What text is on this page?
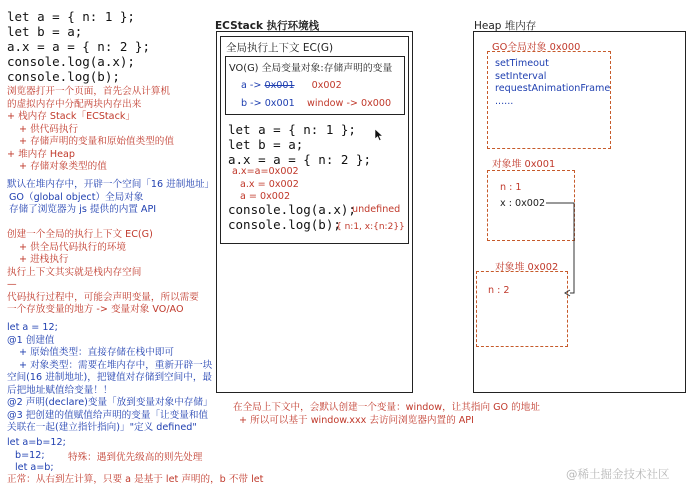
let a = { n: 1 };
let b = a;
a.x = a = { n: 2 };
console.log(a.x);
console.log(b);
浏览器打开一个页面，首先会从计算机
的虚拟内存中分配两块内存出来
+ 栈内存 Stack「ECStack」
+ 供代码执行
+ 存储声明的变量和原始值类型的值
+ 堆内存 Heap
+ 存储对象类型的值
默认在堆内存中，开辟一个空间「16 进制地址」
GO（global object）全局对象
存储了浏览器为 js 提供的内置 API
创建一个全局的执行上下文 EC(G)
+ 供全局代码执行的环境
+ 进栈执行
执行上下文其实就是栈内存空间
—
代码执行过程中，可能会声明变量，所以需要
一个存放变量的地方 -> 变量对象 VO/AO
let a = 12;
@1 创建值
+ 原始值类型：直接存储在栈中即可
+ 对象类型：需要在堆内存中，重新开辟一块
空间(16 进制地址)，把键值对存储到空间中，最
后把地址赋值给变量！！
@2 声明(declare)变量「放到变量对象中存储」
@3 把创建的值赋值给声明的变量「让变量和值
关联在一起(建立指针指向)」"定义 defined"
let a=b=12;
b=12;
let a=b;
特殊：遇到优先级高的则先处理
正常：从右到左计算，只要 a 是基于 let 声明的，b 不带 let
ECStack 执行环境栈
全局执行上下文 EC(G)
VO(G) 全局变量对象:存储声明的变量
a -> 0x001 0x002
b -> 0x001 window -> 0x000
let a = { n: 1 };
let b = a;
a.x = a = { n: 2 };
a.x=a=0x002
a.x = 0x002
a = 0x002
console.log(a.x);
undefined
console.log(b);
{ n:1, x:{n:2}}
Heap 堆内存
GO全局对象 0x000
setTimeout
setInterval
requestAnimationFrame
......
对象堆 0x001
n : 1
x : 0x002
对象堆 0x002
n : 2
在全局上下文中，会默认创建一个变量：window，让其指向 GO 的地址
+ 所以可以基于 window.xxx 去访问浏览器内置的 API
@稀土掘金技术社区
